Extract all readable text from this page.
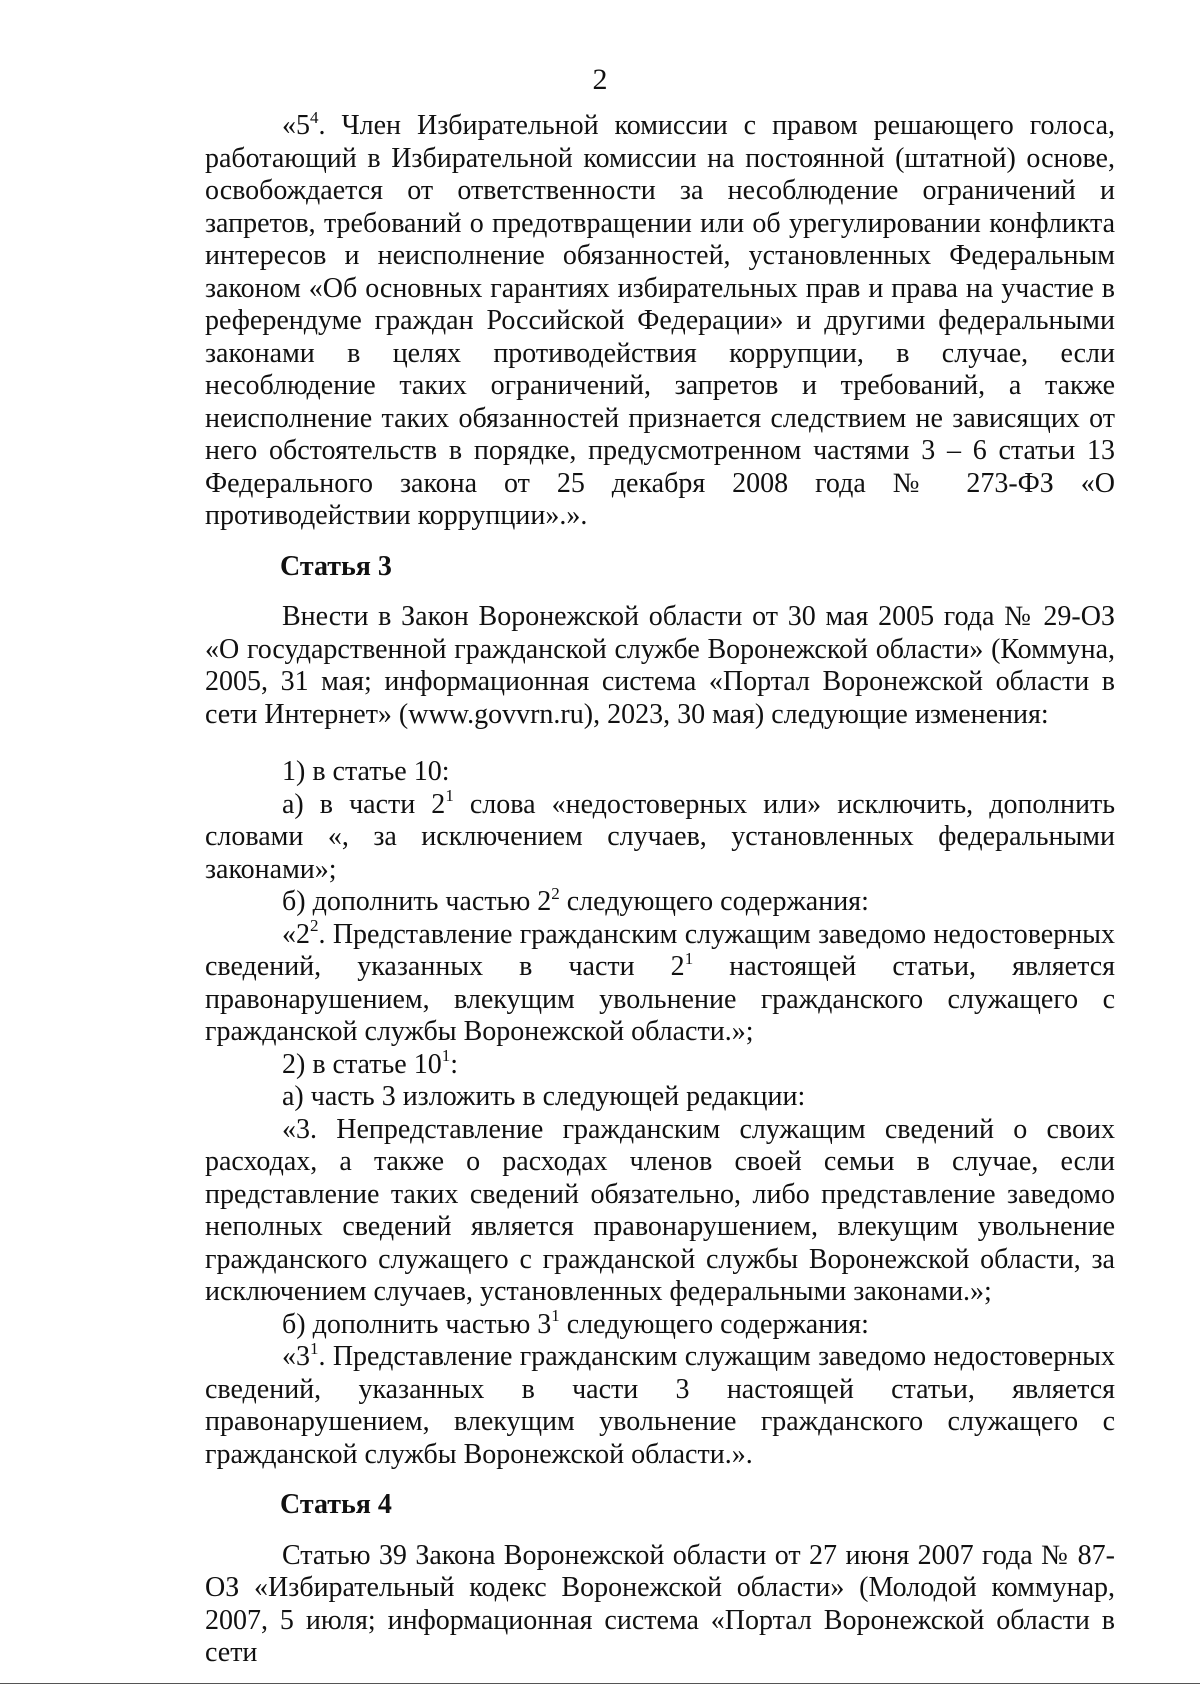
2

«$5^4$. Член Избирательной комиссии с правом решающего голоса, работающий в Избирательной комиссии на постоянной (штатной) основе, освобождается от ответственности за несоблюдение ограничений и запретов, требований о предотвращении или об урегулировании конфликта интересов и неисполнение обязанностей, установленных Федеральным законом «Об основных гарантиях избирательных прав и права на участие в референдуме граждан Российской Федерации» и другими федеральными законами в целях противодействия коррупции, в случае, если несоблюдение таких ограничений, запретов и требований, а также неисполнение таких обязанностей признается следствием не зависящих от него обстоятельств в порядке, предусмотренном частями 3 – 6 статьи 13 Федерального закона от 25 декабря 2008 года № 273-ФЗ «О противодействии коррупции».».

Статья 3

Внести в Закон Воронежской области от 30 мая 2005 года № 29-ОЗ «О государственной гражданской службе Воронежской области» (Коммуна, 2005, 31 мая; информационная система «Портал Воронежской области в сети Интернет» (www.govvrn.ru), 2023, 30 мая) следующие изменения:

1) в статье 10:

а) в части $2^1$ слова «недостоверных или» исключить, дополнить словами «, за исключением случаев, установленных федеральными законами»;

б) дополнить частью $2^2$ следующего содержания:

«$2^2$. Представление гражданским служащим заведомо недостоверных сведений, указанных в части $2^1$ настоящей статьи, является правонарушением, влекущим увольнение гражданского служащего с гражданской службы Воронежской области.»;

2) в статье $10^1$:

а) часть 3 изложить в следующей редакции:

«3. Непредставление гражданским служащим сведений о своих расходах, а также о расходах членов своей семьи в случае, если представление таких сведений обязательно, либо представление заведомо неполных сведений является правонарушением, влекущим увольнение гражданского служащего с гражданской службы Воронежской области, за исключением случаев, установленных федеральными законами.»;

б) дополнить частью $3^1$ следующего содержания:

«$3^1$. Представление гражданским служащим заведомо недостоверных сведений, указанных в части 3 настоящей статьи, является правонарушением, влекущим увольнение гражданского служащего с гражданской службы Воронежской области.».

Статья 4

Статью 39 Закона Воронежской области от 27 июня 2007 года № 87-ОЗ «Избирательный кодекс Воронежской области» (Молодой коммунар, 2007, 5 июля; информационная система «Портал Воронежской области в сети
